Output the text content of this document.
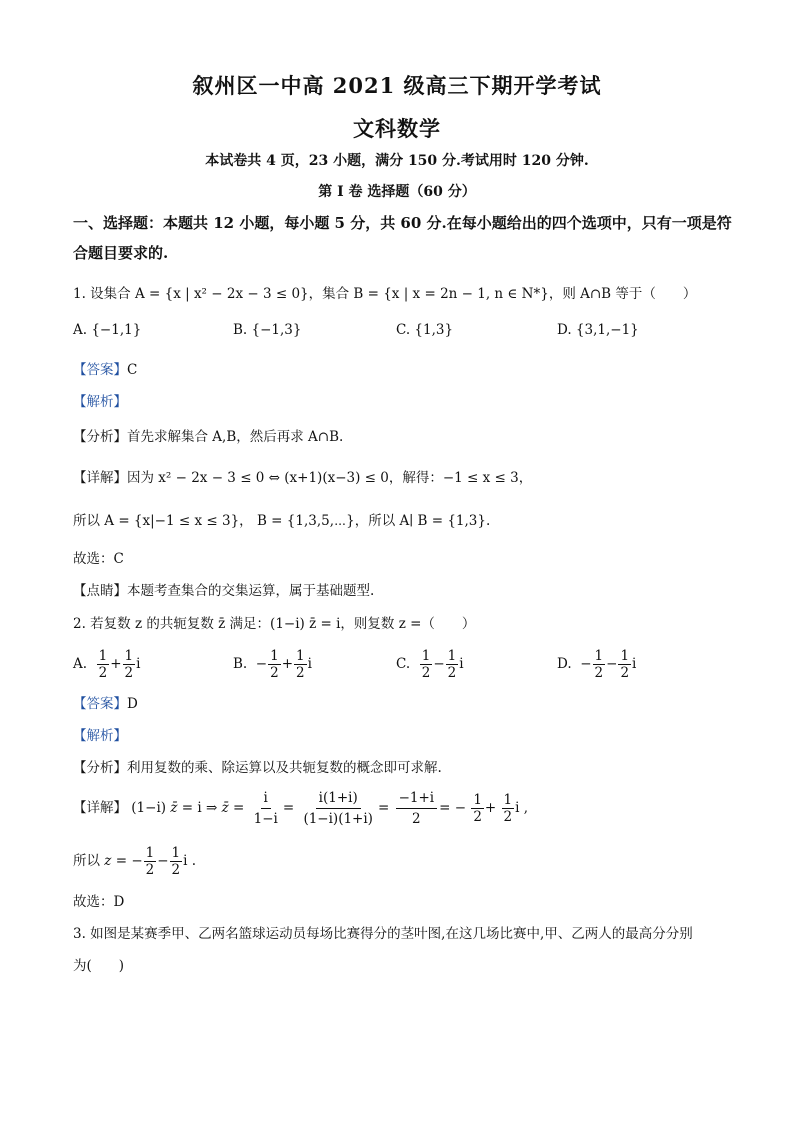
叙州区一中高 2021 级高三下期开学考试
文科数学
本试卷共 4 页，23 小题，满分 150 分.考试用时 120 分钟.
第 I 卷 选择题（60 分）
一、选择题：本题共 12 小题，每小题 5 分，共 60 分.在每小题给出的四个选项中，只有一项是符合题目要求的.
1. 设集合 A = {x | x² − 2x − 3 ≤ 0}，集合 B = {x | x = 2n − 1, n ∈ N*}，则 A∩B 等于（　　）
A. {−1,1}	B. {−1,3}	C. {1,3}	D. {3,1,−1}
【答案】C
【解析】
【分析】首先求解集合 A,B，然后再求 A∩B.
【详解】因为 x² − 2x − 3 ≤ 0 ⇔ (x+1)(x−3) ≤ 0，解得：−1 ≤ x ≤ 3，
所以 A = {x|−1 ≤ x ≤ 3}， B = {1,3,5,⋯}，所以 A∣ B = {1,3}.
故选：C
【点睛】本题考查集合的交集运算，属于基础题型.
2. 若复数 z 的共轭复数 z̄ 满足：(1−i) z̄ = i，则复数 z =（　　）
A. $\frac{1}{2} + \frac{1}{2}$ i	B.  − $\frac{1}{2} + \frac{1}{2}$ i	C. $\frac{1}{2} - \frac{1}{2}$ i	D.  − $\frac{1}{2} - \frac{1}{2}$ i
【答案】D
【解析】
【分析】利用复数的乘、除运算以及共轭复数的概念即可求解.
【详解】 (1−i) z̄ = i ⇒ z̄ = $\frac{i}{1-i} = \frac{i(1+i)}{(1-i)(1+i)} = \frac{-1+i}{2}$ = − $\frac{1}{2} + \frac{1}{2}$ i ,
所以 z = − $\frac{1}{2} - \frac{1}{2}$ i .
故选：D
3. 如图是某赛季甲、乙两名篮球运动员每场比赛得分的茎叶图,在这几场比赛中,甲、乙两人的最高分分别
为(　　)
